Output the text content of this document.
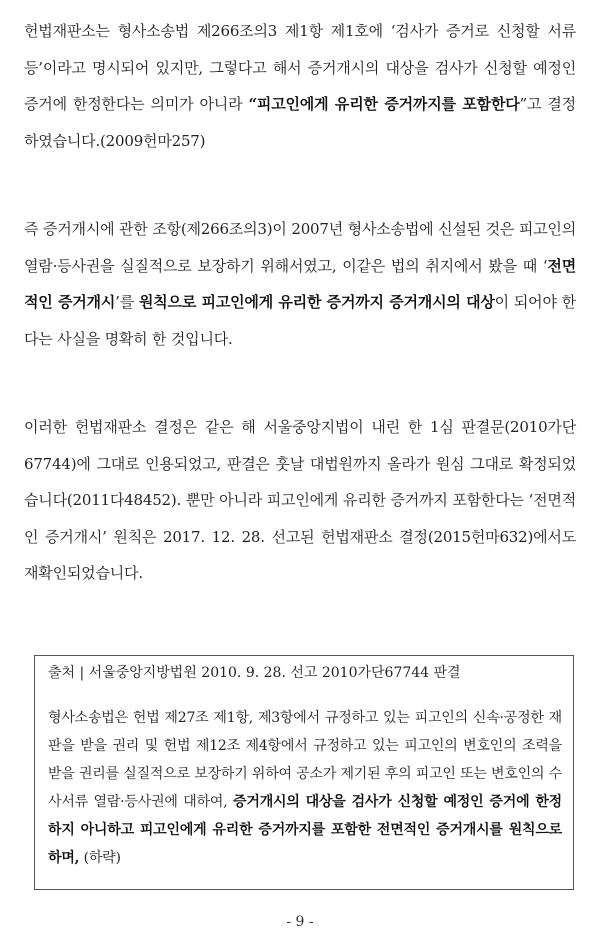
헌법재판소는 형사소송법 제266조의3 제1항 제1호에 ‘검사가 증거로 신청할 서류등’이라고 명시되어 있지만, 그렇다고 해서 증거개시의 대상을 검사가 신청할 예정인 증거에 한정한다는 의미가 아니라 “피고인에게 유리한 증거까지를 포함한다”고 결정하였습니다.(2009헌마257)
즉 증거개시에 관한 조항(제266조의3)이 2007년 형사소송법에 신설된 것은 피고인의 열람·등사권을 실질적으로 보장하기 위해서였고, 이같은 법의 취지에서 봤을 때 ‘전면적인 증거개시’를 원칙으로 피고인에게 유리한 증거까지 증거개시의 대상이 되어야 한다는 사실을 명확히 한 것입니다.
이러한 헌법재판소 결정은 같은 해 서울중앙지법이 내린 한 1심 판결문(2010가단67744)에 그대로 인용되었고, 판결은 훗날 대법원까지 올라가 원심 그대로 확정되었습니다(2011다48452). 뿐만 아니라 피고인에게 유리한 증거까지 포함한다는 ‘전면적인 증거개시’ 원칙은 2017. 12. 28. 선고된 헌법재판소 결정(2015헌마632)에서도 재확인되었습니다.
출처 | 서울중앙지방법원 2010. 9. 28. 선고 2010가단67744 판결
형사소송법은 헌법 제27조 제1항, 제3항에서 규정하고 있는 피고인의 신속·공정한 재판을 받을 권리 및 헌법 제12조 제4항에서 규정하고 있는 피고인의 변호인의 조력을 받을 권리를 실질적으로 보장하기 위하여 공소가 제기된 후의 피고인 또는 변호인의 수사서류 열람·등사권에 대하여, 증거개시의 대상을 검사가 신청할 예정인 증거에 한정하지 아니하고 피고인에게 유리한 증거까지를 포함한 전면적인 증거개시를 원칙으로 하며, (하략)
- 9 -
